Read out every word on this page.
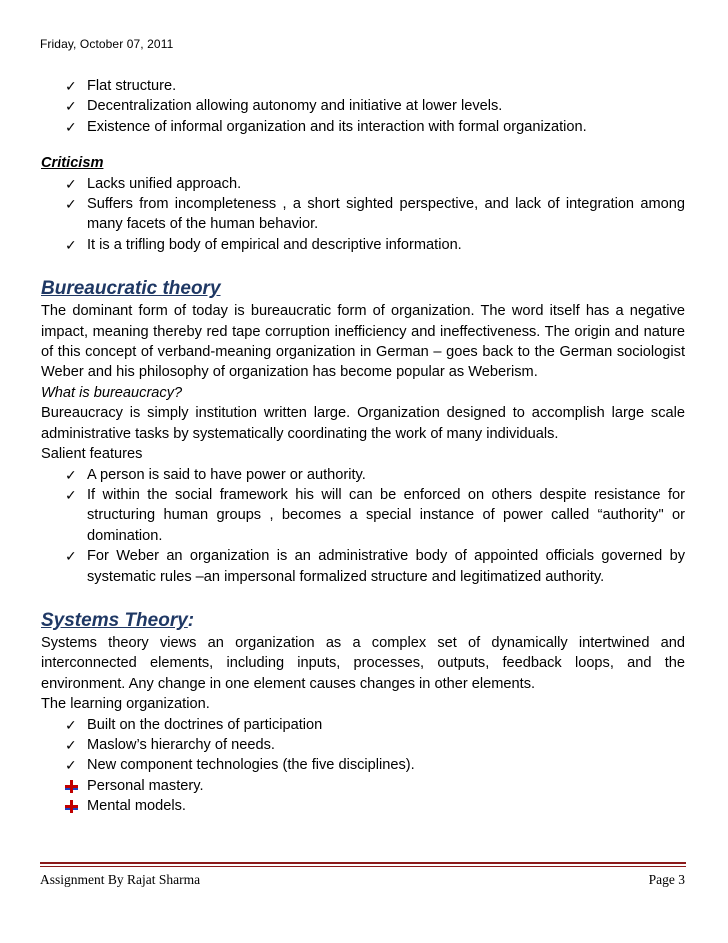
Friday, October 07, 2011
✓ Flat structure.
✓ Decentralization allowing autonomy and initiative at lower levels.
✓ Existence of informal organization and its interaction with formal organization.
Criticism
✓ Lacks unified approach.
✓ Suffers from incompleteness , a short sighted perspective, and lack of integration among many facets of the human behavior.
✓ It is a trifling body of empirical and descriptive information.
Bureaucratic theory
The dominant form of today is bureaucratic form of organization. The word itself has a negative impact, meaning thereby red tape corruption inefficiency and ineffectiveness. The origin and nature of this concept of verband-meaning organization in German – goes back to the German sociologist Weber and his philosophy of organization has become popular as Weberism.
What is bureaucracy?
Bureaucracy is simply institution written large. Organization designed to accomplish large scale administrative tasks by systematically coordinating the work of many individuals.
Salient features
✓ A person is said to have power or authority.
✓ If within the social framework his will can be enforced on others despite resistance for structuring human groups , becomes a special instance of power called “authority" or domination.
✓ For Weber an organization is an administrative body of appointed officials governed by systematic rules –an impersonal formalized structure and legitimatized authority.
Systems Theory:
Systems theory views an organization as a complex set of dynamically intertwined and interconnected elements, including inputs, processes, outputs, feedback loops, and the environment. Any change in one element causes changes in other elements.
The learning organization.
✓ Built on the doctrines of participation
✓ Maslow’s hierarchy of needs.
✓ New component technologies (the five disciplines).
Personal mastery.
Mental models.
Assignment By Rajat Sharma	Page 3
